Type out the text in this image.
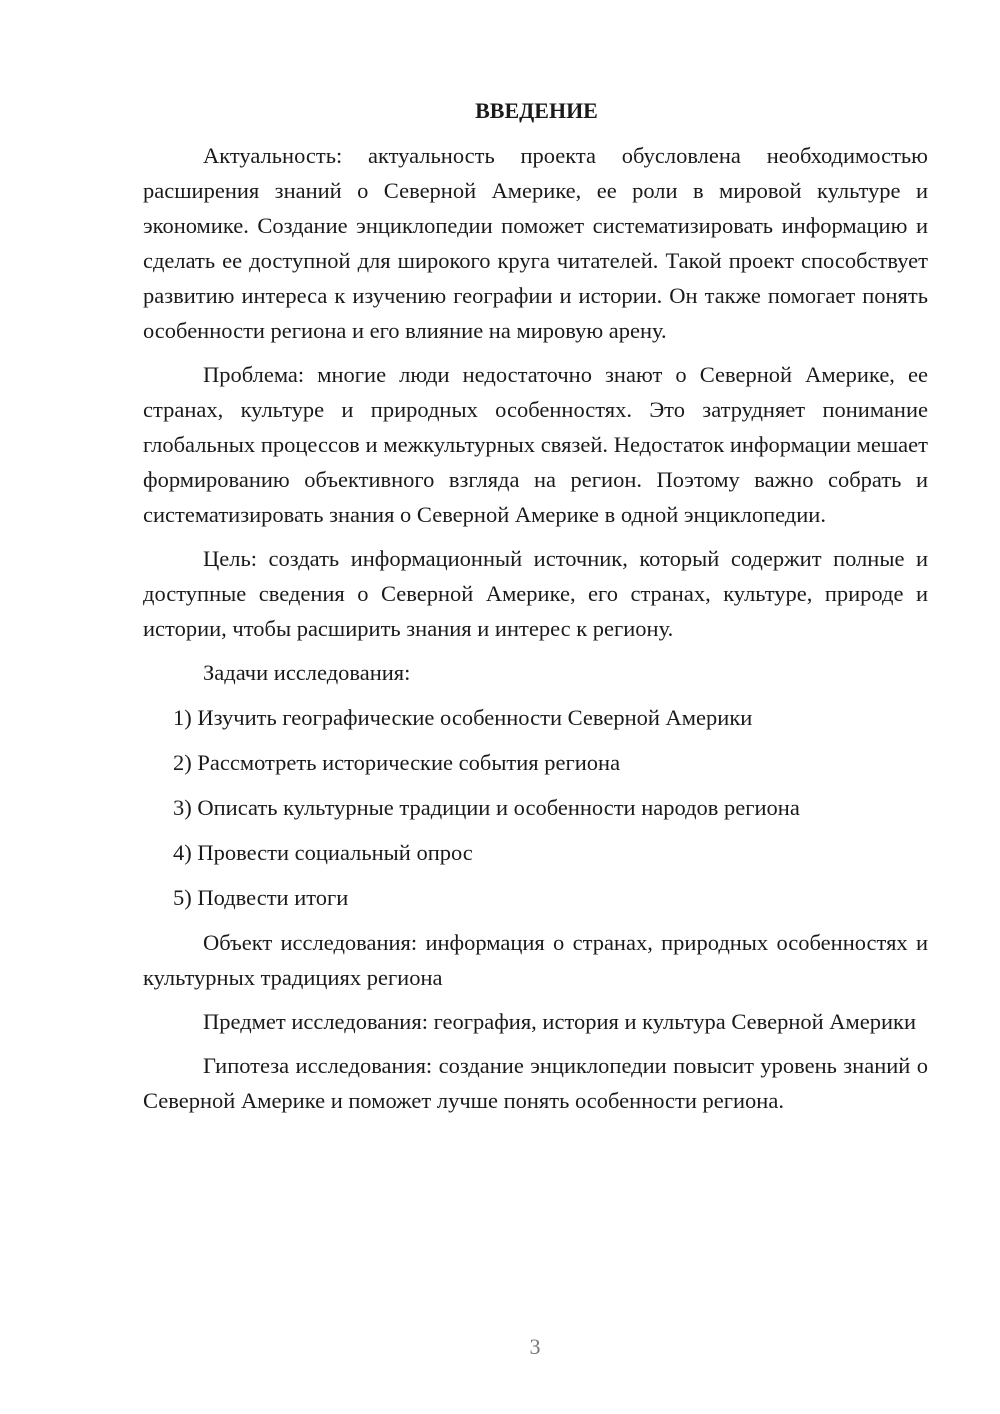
ВВЕДЕНИЕ

Актуальность: актуальность проекта обусловлена необходимостью расширения знаний о Северной Америке, ее роли в мировой культуре и экономике. Создание энциклопедии поможет систематизировать информацию и сделать ее доступной для широкого круга читателей. Такой проект способствует развитию интереса к изучению географии и истории. Он также помогает понять особенности региона и его влияние на мировую арену.

Проблема: многие люди недостаточно знают о Северной Америке, ее странах, культуре и природных особенностях. Это затрудняет понимание глобальных процессов и межкультурных связей. Недостаток информации мешает формированию объективного взгляда на регион. Поэтому важно собрать и систематизировать знания о Северной Америке в одной энциклопедии.

Цель: создать информационный источник, который содержит полные и доступные сведения о Северной Америке, его странах, культуре, природе и истории, чтобы расширить знания и интерес к региону.

Задачи исследования:

1) Изучить географические особенности Северной Америки
2) Рассмотреть исторические события региона
3) Описать культурные традиции и особенности народов региона
4) Провести социальный опрос
5) Подвести итоги

Объект исследования: информация о странах, природных особенностях и культурных традициях региона

Предмет исследования: география, история и культура Северной Америки

Гипотеза исследования: создание энциклопедии повысит уровень знаний о Северной Америке и поможет лучше понять особенности региона.

3
